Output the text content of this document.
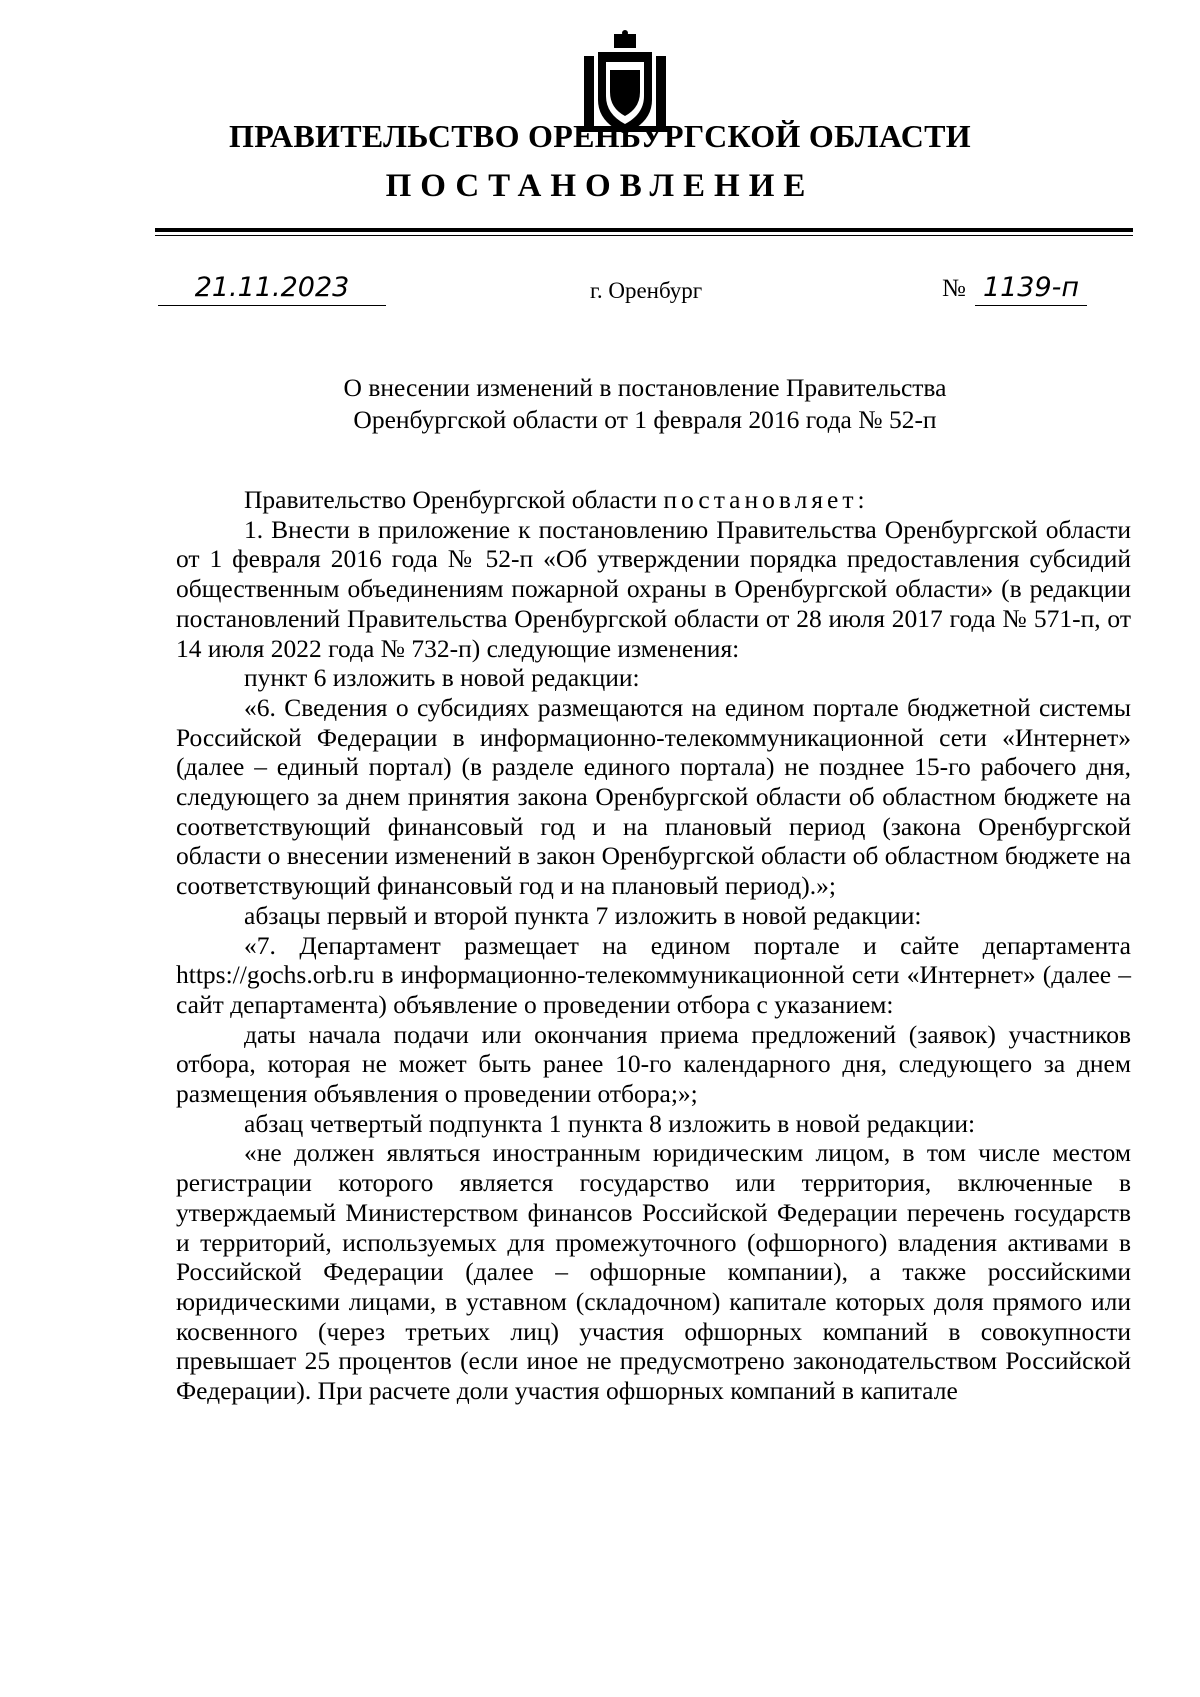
ПРАВИТЕЛЬСТВО ОРЕНБУРГСКОЙ ОБЛАСТИ
ПОСТАНОВЛЕНИЕ
21.11.2023	г. Оренбург	№ 1139-п
О внесении изменений в постановление Правительства
Оренбургской области от 1 февраля 2016 года № 52-п

Правительство Оренбургской области постановляет:

1. Внести в приложение к постановлению Правительства Оренбургской области от 1 февраля 2016 года № 52-п «Об утверждении порядка предоставления субсидий общественным объединениям пожарной охраны в Оренбургской области» (в редакции постановлений Правительства Оренбургской области от 28 июля 2017 года № 571-п, от 14 июля 2022 года № 732-п) следующие изменения:

пункт 6 изложить в новой редакции:

«6. Сведения о субсидиях размещаются на едином портале бюджетной системы Российской Федерации в информационно-телекоммуникационной сети «Интернет» (далее – единый портал) (в разделе единого портала) не позднее 15-го рабочего дня, следующего за днем принятия закона Оренбургской области об областном бюджете на соответствующий финансовый год и на плановый период (закона Оренбургской области о внесении изменений в закон Оренбургской области об областном бюджете на соответствующий финансовый год и на плановый период).»;

абзацы первый и второй пункта 7 изложить в новой редакции:

«7. Департамент размещает на едином портале и сайте департамента https://gochs.orb.ru в информационно-телекоммуникационной сети «Интернет» (далее – сайт департамента) объявление о проведении отбора с указанием:

даты начала подачи или окончания приема предложений (заявок) участников отбора, которая не может быть ранее 10-го календарного дня, следующего за днем размещения объявления о проведении отбора;»;

абзац четвертый подпункта 1 пункта 8 изложить в новой редакции:

«не должен являться иностранным юридическим лицом, в том числе местом регистрации которого является государство или территория, включенные в утверждаемый Министерством финансов Российской Федерации перечень государств и территорий, используемых для промежуточного (офшорного) владения активами в Российской Федерации (далее – офшорные компании), а также российскими юридическими лицами, в уставном (складочном) капитале которых доля прямого или косвенного (через третьих лиц) участия офшорных компаний в совокупности превышает 25 процентов (если иное не предусмотрено законодательством Российской Федерации). При расчете доли участия офшорных компаний в капитале
